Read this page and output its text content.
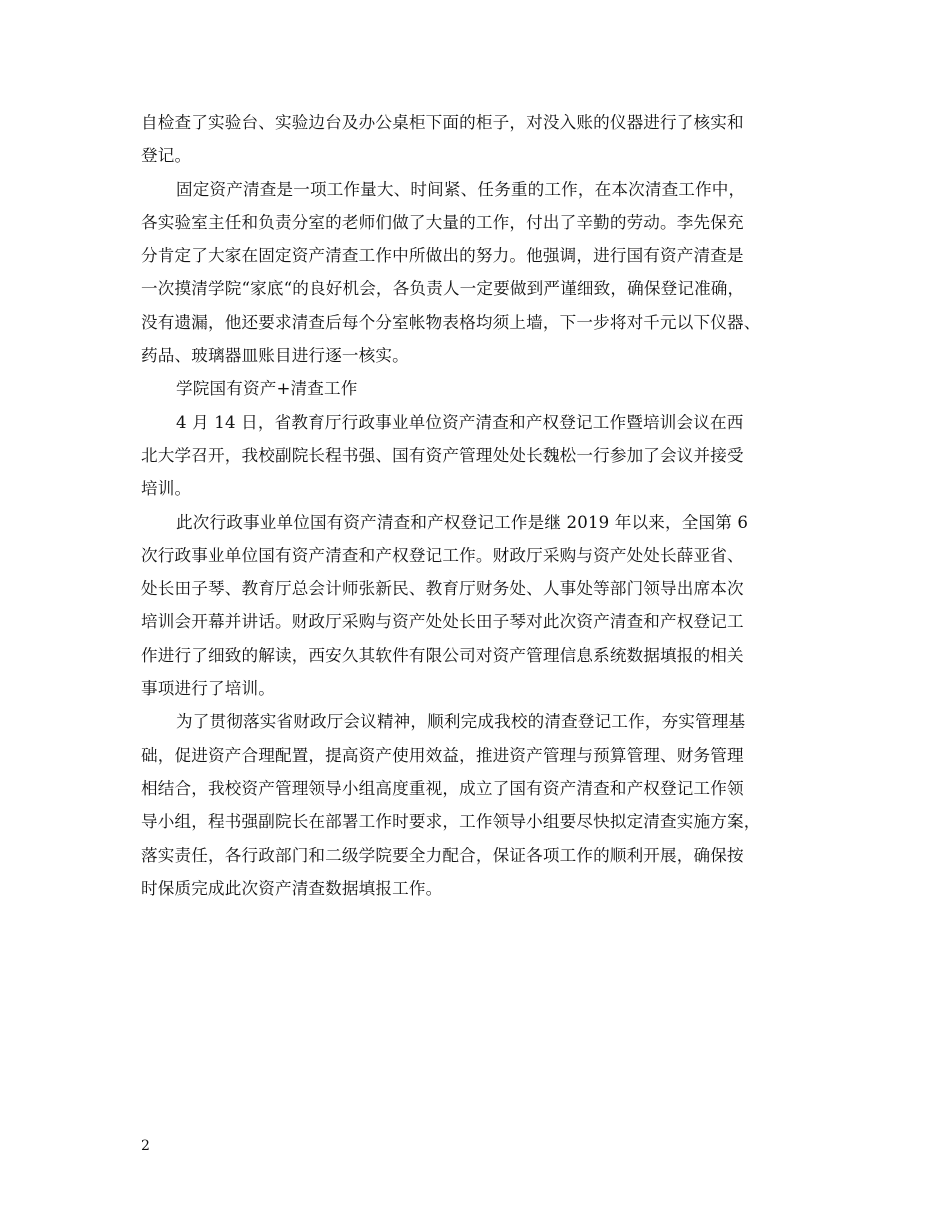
自检查了实验台、实验边台及办公桌柜下面的柜子，对没入账的仪器进行了核实和
登记。
固定资产清查是一项工作量大、时间紧、任务重的工作，在本次清查工作中，
各实验室主任和负责分室的老师们做了大量的工作，付出了辛勤的劳动。李先保充
分肯定了大家在固定资产清查工作中所做出的努力。他强调，进行国有资产清查是
一次摸清学院“家底“的良好机会，各负责人一定要做到严谨细致，确保登记准确，
没有遗漏，他还要求清查后每个分室帐物表格均须上墙，下一步将对千元以下仪器、
药品、玻璃器皿账目进行逐一核实。
学院国有资产+清查工作
4 月 14 日，省教育厅行政事业单位资产清查和产权登记工作暨培训会议在西
北大学召开，我校副院长程书强、国有资产管理处处长魏松一行参加了会议并接受
培训。
此次行政事业单位国有资产清查和产权登记工作是继 2019 年以来，全国第 6
次行政事业单位国有资产清查和产权登记工作。财政厅采购与资产处处长薛亚省、
处长田子琴、教育厅总会计师张新民、教育厅财务处、人事处等部门领导出席本次
培训会开幕并讲话。财政厅采购与资产处处长田子琴对此次资产清查和产权登记工
作进行了细致的解读，西安久其软件有限公司对资产管理信息系统数据填报的相关
事项进行了培训。
为了贯彻落实省财政厅会议精神，顺利完成我校的清查登记工作，夯实管理基
础，促进资产合理配置，提高资产使用效益，推进资产管理与预算管理、财务管理
相结合，我校资产管理领导小组高度重视，成立了国有资产清查和产权登记工作领
导小组，程书强副院长在部署工作时要求，工作领导小组要尽快拟定清查实施方案，
落实责任，各行政部门和二级学院要全力配合，保证各项工作的顺利开展，确保按
时保质完成此次资产清查数据填报工作。
2
